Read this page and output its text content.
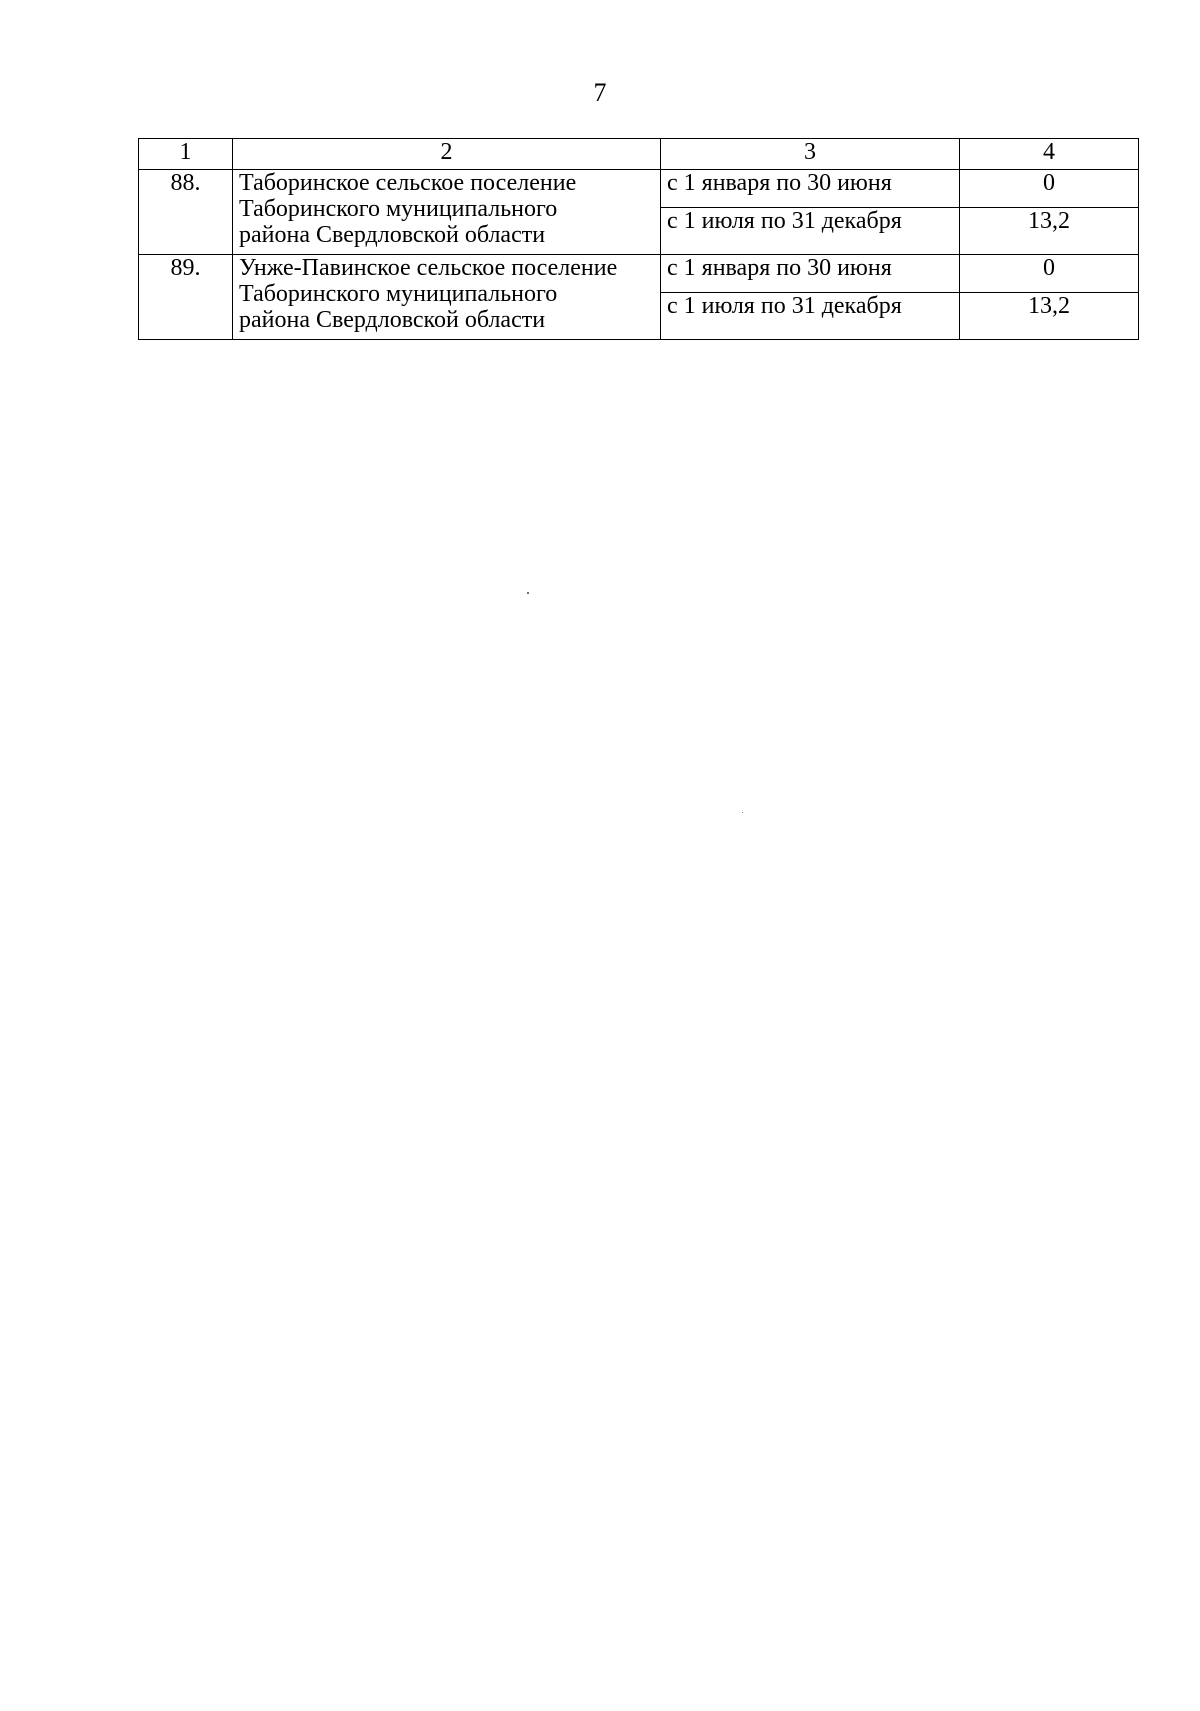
7
1	2	3	4
88.	Таборинское сельское поселение
Таборинского муниципального
района Свердловской области	с 1 января по 30 июня	0
		с 1 июля по 31 декабря	13,2
89.	Унже-Павинское сельское поселение
Таборинского муниципального
района Свердловской области	с 1 января по 30 июня	0
		с 1 июля по 31 декабря	13,2
